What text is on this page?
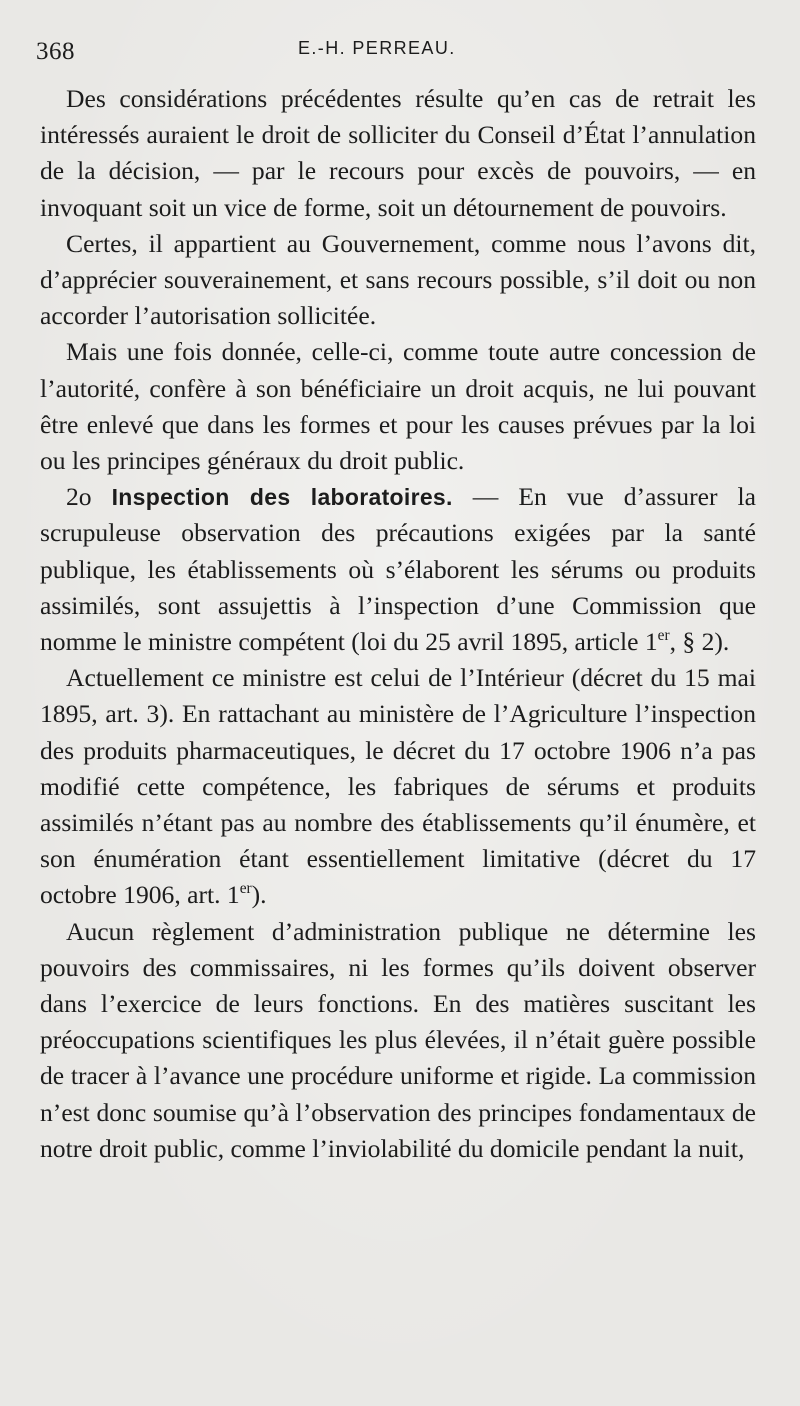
368	E.-H. PERREAU.

Des considérations précédentes résulte qu’en cas de retrait les intéressés auraient le droit de solliciter du Conseil d’État l’annulation de la décision, — par le recours pour excès de pouvoirs, — en invoquant soit un vice de forme, soit un détournement de pouvoirs.

Certes, il appartient au Gouvernement, comme nous l’avons dit, d’apprécier souverainement, et sans recours possible, s’il doit ou non accorder l’autorisation sollicitée.

Mais une fois donnée, celle-ci, comme toute autre concession de l’autorité, confère à son bénéficiaire un droit acquis, ne lui pouvant être enlevé que dans les formes et pour les causes prévues par la loi ou les principes généraux du droit public.

2o Inspection des laboratoires. — En vue d’assurer la scrupuleuse observation des précautions exigées par la santé publique, les établissements où s’élaborent les sérums ou produits assimilés, sont assujettis à l’inspection d’une Commission que nomme le ministre compétent (loi du 25 avril 1895, article 1er, § 2).

Actuellement ce ministre est celui de l’Intérieur (décret du 15 mai 1895, art. 3). En rattachant au ministère de l’Agriculture l’inspection des produits pharmaceutiques, le décret du 17 octobre 1906 n’a pas modifié cette compétence, les fabriques de sérums et produits assimilés n’étant pas au nombre des établissements qu’il énumère, et son énumération étant essentiellement limitative (décret du 17 octobre 1906, art. 1er).

Aucun règlement d’administration publique ne détermine les pouvoirs des commissaires, ni les formes qu’ils doivent observer dans l’exercice de leurs fonctions. En des matières suscitant les préoccupations scientifiques les plus élevées, il n’était guère possible de tracer à l’avance une procédure uniforme et rigide. La commission n’est donc soumise qu’à l’observation des principes fondamentaux de notre droit public, comme l’inviolabilité du domicile pendant la nuit,
